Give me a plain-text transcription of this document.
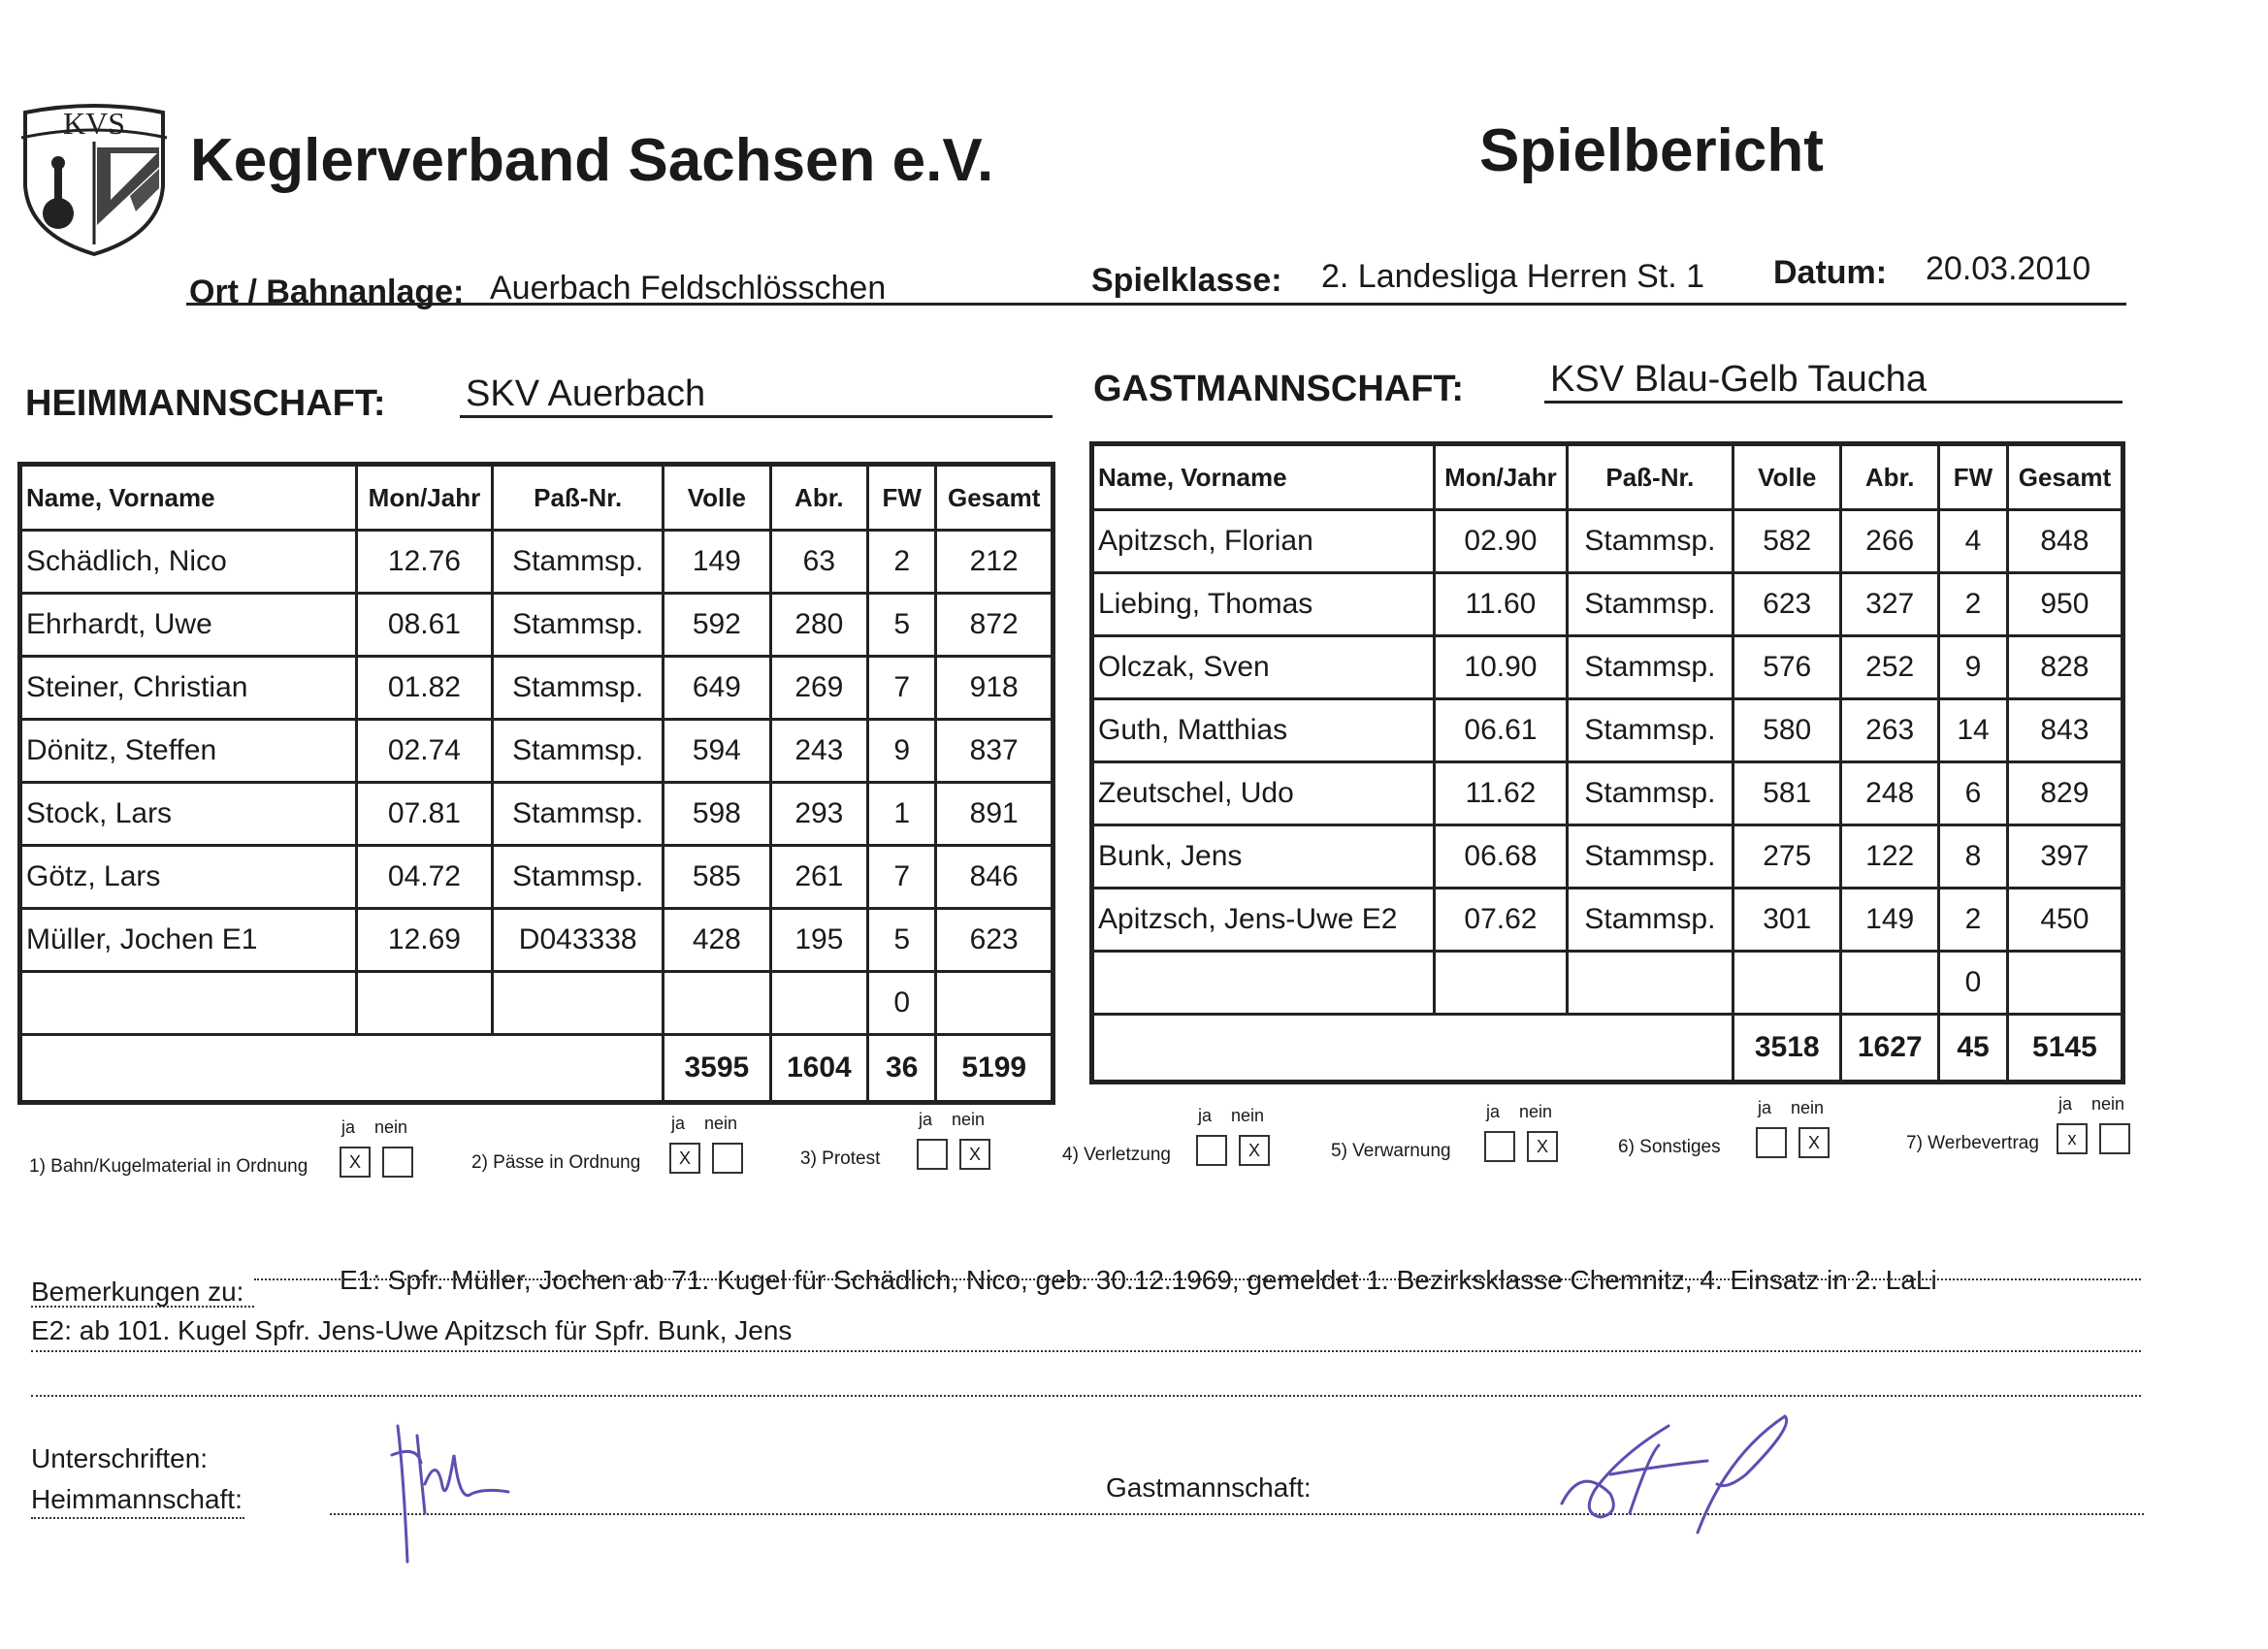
KVS
Keglerverband Sachsen e.V.	Spielbericht
Ort / Bahnanlage: Auerbach Feldschlösschen	Spielklasse: 2. Landesliga Herren St. 1 Datum: 20.03.2010
HEIMMANNSCHAFT: SKV Auerbach	GASTMANNSCHAFT: KSV Blau-Gelb Taucha
Name, Vorname	Mon/Jahr	Paß-Nr.	Volle	Abr.	FW	Gesamt
Schädlich, Nico	12.76	Stammsp.	149	63	2	212
Ehrhardt, Uwe	08.61	Stammsp.	592	280	5	872
Steiner, Christian	01.82	Stammsp.	649	269	7	918
Dönitz, Steffen	02.74	Stammsp.	594	243	9	837
Stock, Lars	07.81	Stammsp.	598	293	1	891
Götz, Lars	04.72	Stammsp.	585	261	7	846
Müller, Jochen E1	12.69	D043338	428	195	5	623
					0	
			3595	1604	36	5199
Name, Vorname	Mon/Jahr	Paß-Nr.	Volle	Abr.	FW	Gesamt
Apitzsch, Florian	02.90	Stammsp.	582	266	4	848
Liebing, Thomas	11.60	Stammsp.	623	327	2	950
Olczak, Sven	10.90	Stammsp.	576	252	9	828
Guth, Matthias	06.61	Stammsp.	580	263	14	843
Zeutschel, Udo	11.62	Stammsp.	581	248	6	829
Bunk, Jens	06.68	Stammsp.	275	122	8	397
Apitzsch, Jens-Uwe E2	07.62	Stammsp.	301	149	2	450
					0	
			3518	1627	45	5145
1) Bahn/Kugelmaterial in Ordnung
ja nein
X	2) Pässe in Ordnung
ja nein
X	3) Protest
ja nein
X	4) Verletzung
ja nein
X	5) Verwarnung
ja nein
X	6) Sonstiges
ja nein
X	7) Werbevertrag
ja nein
x
Bemerkungen zu:	E1: Spfr. Müller, Jochen ab 71. Kugel für Schädlich, Nico, geb. 30.12.1969, gemeldet 1. Bezirksklasse Chemnitz, 4. Einsatz in 2. LaLi
E2: ab 101. Kugel Spfr. Jens-Uwe Apitzsch für Spfr. Bunk, Jens
Unterschriften:
Heimmannschaft:	Gastmannschaft:
